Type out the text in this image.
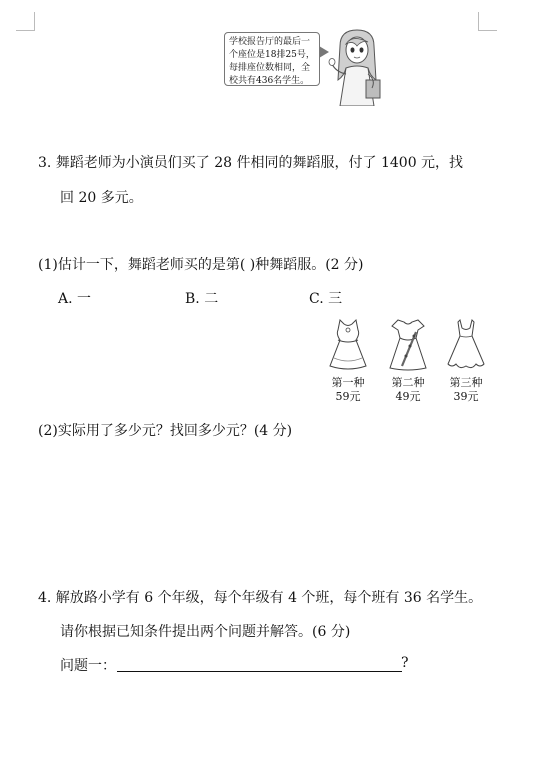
学校报告厅的最后一
个座位是18排25号，
每排座位数相同，全
校共有436名学生。
3. 舞蹈老师为小演员们买了 28 件相同的舞蹈服，付了 1400 元，找
回 20 多元。
(1)估计一下，舞蹈老师买的是第( )种舞蹈服。(2 分)
A. 一	B. 二	C. 三
第一种
59元
第二种
49元
第三种
39元
(2)实际用了多少元？找回多少元？(4 分)
4. 解放路小学有 6 个年级，每个年级有 4 个班，每个班有 36 名学生。
请你根据已知条件提出两个问题并解答。(6 分)
问题一：	?
